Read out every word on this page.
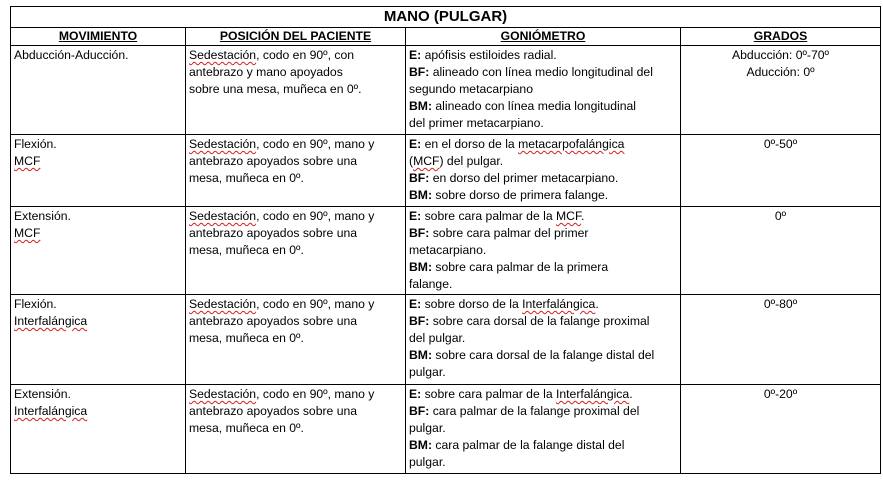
MANO (PULGAR)			
MOVIMIENTO	POSICIÓN DEL PACIENTE	GONIÓMETRO	GRADOS

Abducción-Aducción.	Sedestación, codo en 90º, con
antebrazo y mano apoyados
sobre una mesa, muñeca en 0º.	E: apófisis estiloides radial.
BF: alineado con línea medio longitudinal del
segundo metacarpiano
BM: alineado con línea media longitudinal
del primer metacarpiano.	Abducción: 0º-70º
Aducción: 0º

Flexión.
MCF	Sedestación, codo en 90º, mano y
antebrazo apoyados sobre una
mesa, muñeca en 0º.	E: en el dorso de la metacarpofalángica
(MCF) del pulgar.
BF: en dorso del primer metacarpiano.
BM: sobre dorso de primera falange.	0º-50º

Extensión.
MCF	Sedestación, codo en 90º, mano y
antebrazo apoyados sobre una
mesa, muñeca en 0º.	E: sobre cara palmar de la MCF.
BF: sobre cara palmar del primer
metacarpiano.
BM: sobre cara palmar de la primera
falange.	0º

Flexión.
Interfalángica	Sedestación, codo en 90º, mano y
antebrazo apoyados sobre una
mesa, muñeca en 0º.	E: sobre dorso de la Interfalángica.
BF: sobre cara dorsal de la falange proximal
del pulgar.
BM: sobre cara dorsal de la falange distal del
pulgar.	0º-80º

Extensión.
Interfalángica	Sedestación, codo en 90º, mano y
antebrazo apoyados sobre una
mesa, muñeca en 0º.	E: sobre cara palmar de la Interfalángica.
BF: cara palmar de la falange proximal del
pulgar.
BM: cara palmar de la falange distal del
pulgar.	0º-20º
